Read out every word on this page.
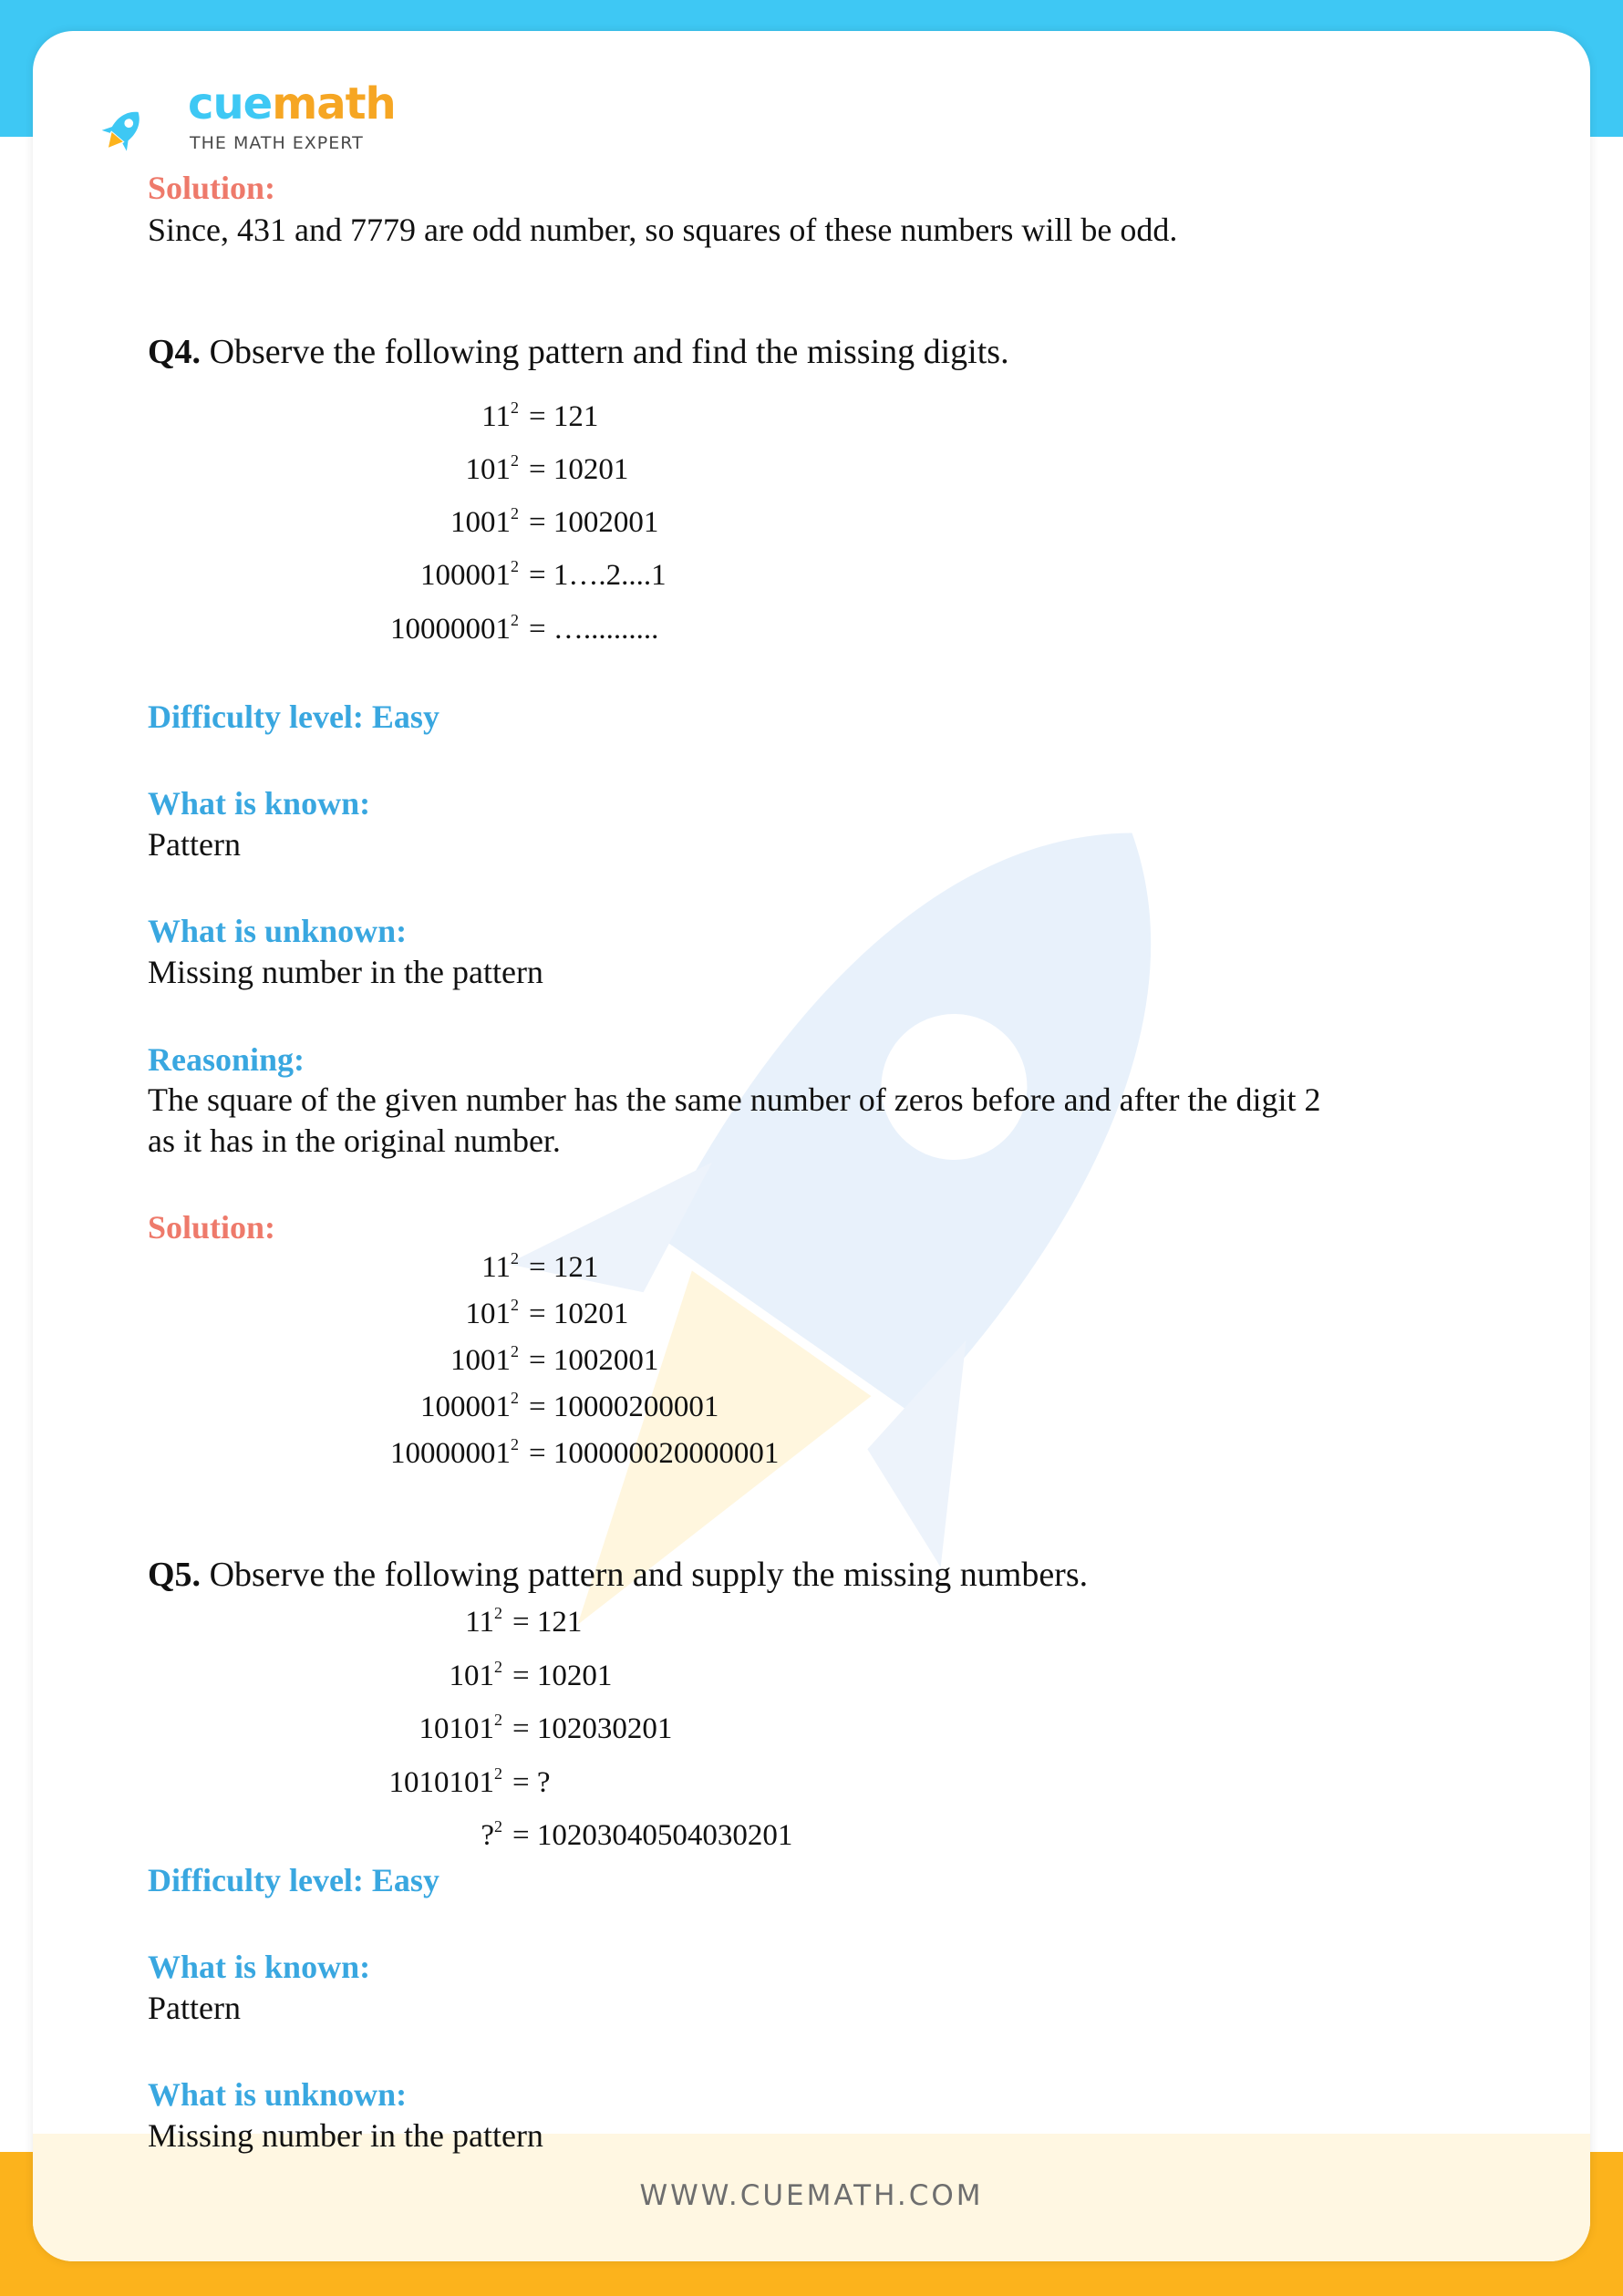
WWW.CUEMATH.COM
cuemath
THE MATH EXPERT
Solution:
Since, 431 and 7779 are odd number, so squares of these numbers will be odd.
Q4. Observe the following pattern and find the missing digits.
$11^2 = 121$
$101^2 = 10201$
$1001^2 = 1002001$
$100001^2$ = 1….2....1
$10000001^2$ = …..........
Difficulty level: Easy
What is known:
Pattern
What is unknown:
Missing number in the pattern
Reasoning:
The square of the given number has the same number of zeros before and after the digit 2
as it has in the original number.
Solution:
$11^2 = 121$
$101^2 = 10201$
$1001^2 = 1002001$
$100001^2 = 10000200001$
$10000001^2 = 100000020000001$
Q5. Observe the following pattern and supply the missing numbers.
$11^2 = 121$
$101^2 = 10201$
$10101^2 = 102030201$
$1010101^2$ = ?
?$^2$ = 10203040504030201
Difficulty level: Easy
What is known:
Pattern
What is unknown:
Missing number in the pattern
